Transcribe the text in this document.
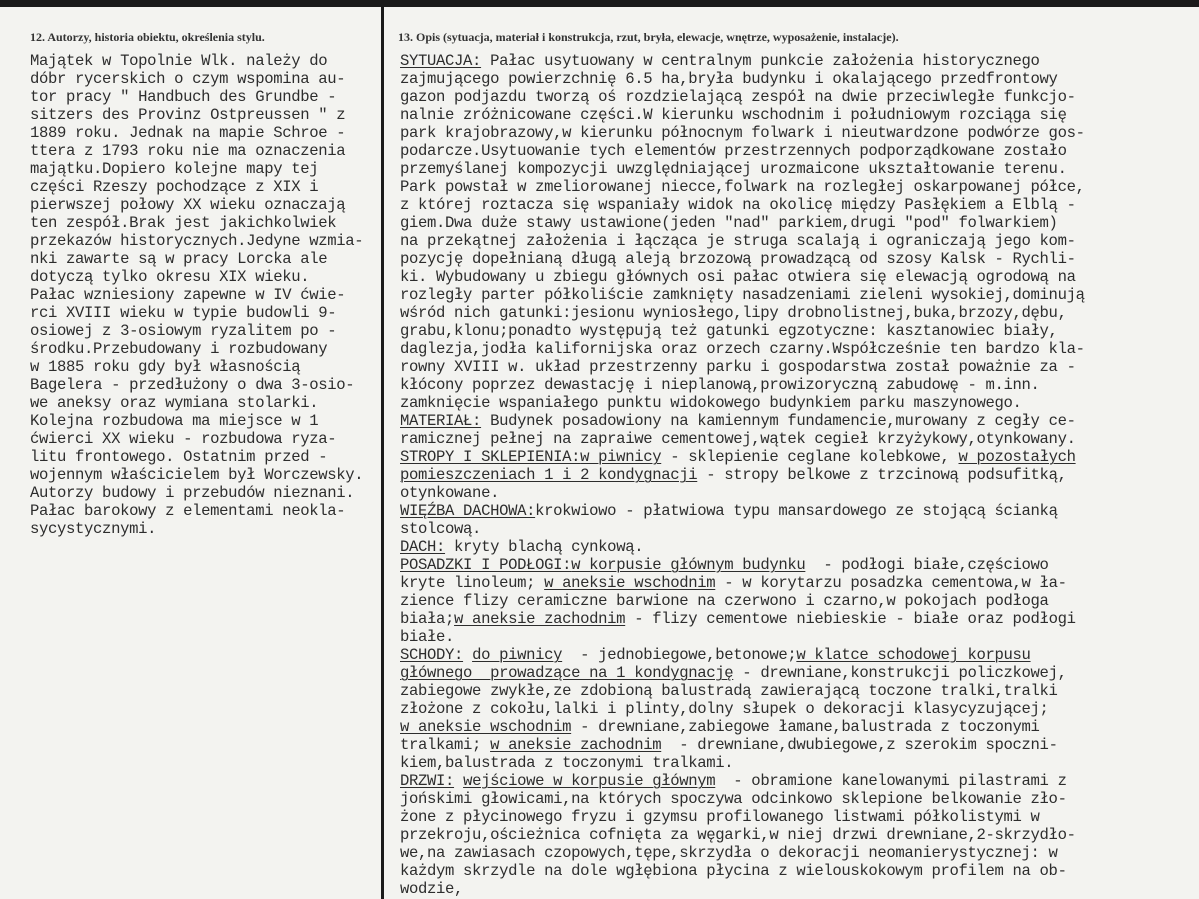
12. Autorzy, historia obiektu, określenia stylu.	13. Opis (sytuacja, materiał i konstrukcja, rzut, bryła, elewacje, wnętrze, wyposażenie, instalacje).
Majątek w Topolnie Wlk. należy do
dóbr rycerskich o czym wspomina au-
tor pracy " Handbuch des Grundbe -
sitzers des Provinz Ostpreussen " z
1889 roku. Jednak na mapie Schroe -
ttera z 1793 roku nie ma oznaczenia
majątku.Dopiero kolejne mapy tej
części Rzeszy pochodzące z XIX i
pierwszej połowy XX wieku oznaczają
ten zespół.Brak jest jakichkolwiek
przekazów historycznych.Jedyne wzmia-
nki zawarte są w pracy Lorcka ale
dotyczą tylko okresu XIX wieku.
Pałac wzniesiony zapewne w IV ćwie-
rci XVIII wieku w typie budowli 9-
osiowej z 3-osiowym ryzalitem po -
środku.Przebudowany i rozbudowany
w 1885 roku gdy był własnością
Bagelera - przedłużony o dwa 3-osio-
we aneksy oraz wymiana stolarki.
Kolejna rozbudowa ma miejsce w 1
ćwierci XX wieku - rozbudowa ryza-
litu frontowego. Ostatnim przed -
wojennym właścicielem był Worczewsky.
Autorzy budowy i przebudów nieznani.
Pałac barokowy z elementami neokla-
sycystycznymi.
SYTUACJA: Pałac usytuowany w centralnym punkcie założenia historycznego
zajmującego powierzchnię 6.5 ha,bryła budynku i okalającego przedfrontowy
gazon podjazdu tworzą oś rozdzielającą zespół na dwie przeciwległe funkcjo-
nalnie zróżnicowane części.W kierunku wschodnim i południowym rozciąga się
park krajobrazowy,w kierunku północnym folwark i nieutwardzone podwórze gos-
podarcze.Usytuowanie tych elementów przestrzennych podporządkowane zostało
przemyślanej kompozycji uwzględniającej urozmaicone ukształtowanie terenu.
Park powstał w zmeliorowanej niecce,folwark na rozległej oskarpowanej półce,
z której roztacza się wspaniały widok na okolicę między Pasłękiem a Elblą -
giem.Dwa duże stawy ustawione(jeden "nad" parkiem,drugi "pod" folwarkiem)
na przekątnej założenia i łącząca je struga scalają i ograniczają jego kom-
pozycję dopełnianą długą aleją brzozową prowadzącą od szosy Kalsk - Rychli-
ki. Wybudowany u zbiegu głównych osi pałac otwiera się elewacją ogrodową na
rozległy parter półkoliście zamknięty nasadzeniami zieleni wysokiej,dominują
wśród nich gatunki:jesionu wyniosłego,lipy drobnolistnej,buka,brzozy,dębu,
grabu,klonu;ponadto występują też gatunki egzotyczne: kasztanowiec biały,
daglezja,jodła kalifornijska oraz orzech czarny.Współcześnie ten bardzo kla-
rowny XVIII w. układ przestrzenny parku i gospodarstwa został poważnie za -
kłócony poprzez dewastację i nieplanową,prowizoryczną zabudowę - m.inn.
zamknięcie wspaniałego punktu widokowego budynkiem parku maszynowego.
MATERIAŁ: Budynek posadowiony na kamiennym fundamencie,murowany z cegły ce-
ramicznej pełnej na zapraiwe cementowej,wątek cegieł krzyżykowy,otynkowany.
STROPY I SKLEPIENIA:w piwnicy - sklepienie ceglane kolebkowe, w pozostałych
pomieszczeniach 1 i 2 kondygnacji - stropy belkowe z trzcinową podsufitką,
otynkowane.
WIĘŹBA DACHOWA:krokwiowo - płatwiowa typu mansardowego ze stojącą ścianką
stolcową.
DACH: kryty blachą cynkową.
POSADZKI I PODŁOGI:w korpusie głównym budynku  - podłogi białe,częściowo
kryte linoleum; w aneksie wschodnim - w korytarzu posadzka cementowa,w ła-
zience flizy ceramiczne barwione na czerwono i czarno,w pokojach podłoga
biała;w aneksie zachodnim - flizy cementowe niebieskie - białe oraz podłogi
białe.
SCHODY: do piwnicy  - jednobiegowe,betonowe;w klatce schodowej korpusu
głównego  prowadzące na 1 kondygnację - drewniane,konstrukcji policzkowej,
zabiegowe zwykłe,ze zdobioną balustradą zawierającą toczone tralki,tralki
złożone z cokołu,lalki i plinty,dolny słupek o dekoracji klasycyzującej;
w aneksie wschodnim - drewniane,zabiegowe łamane,balustrada z toczonymi
tralkami; w aneksie zachodnim  - drewniane,dwubiegowe,z szerokim spoczni-
kiem,balustrada z toczonymi tralkami.
DRZWI: wejściowe w korpusie głównym  - obramione kanelowanymi pilastrami z
jońskimi głowicami,na których spoczywa odcinkowo sklepione belkowanie zło-
żone z płycinowego fryzu i gzymsu profilowanego listwami półkolistymi w
przekroju,ościeżnica cofnięta za węgarki,w niej drzwi drewniane,2-skrzydło-
we,na zawiasach czopowych,tępe,skrzydła o dekoracji neomanierystycznej: w
każdym skrzydle na dole wgłębiona płycina z wielouskokowym profilem na ob-
wodzie,
